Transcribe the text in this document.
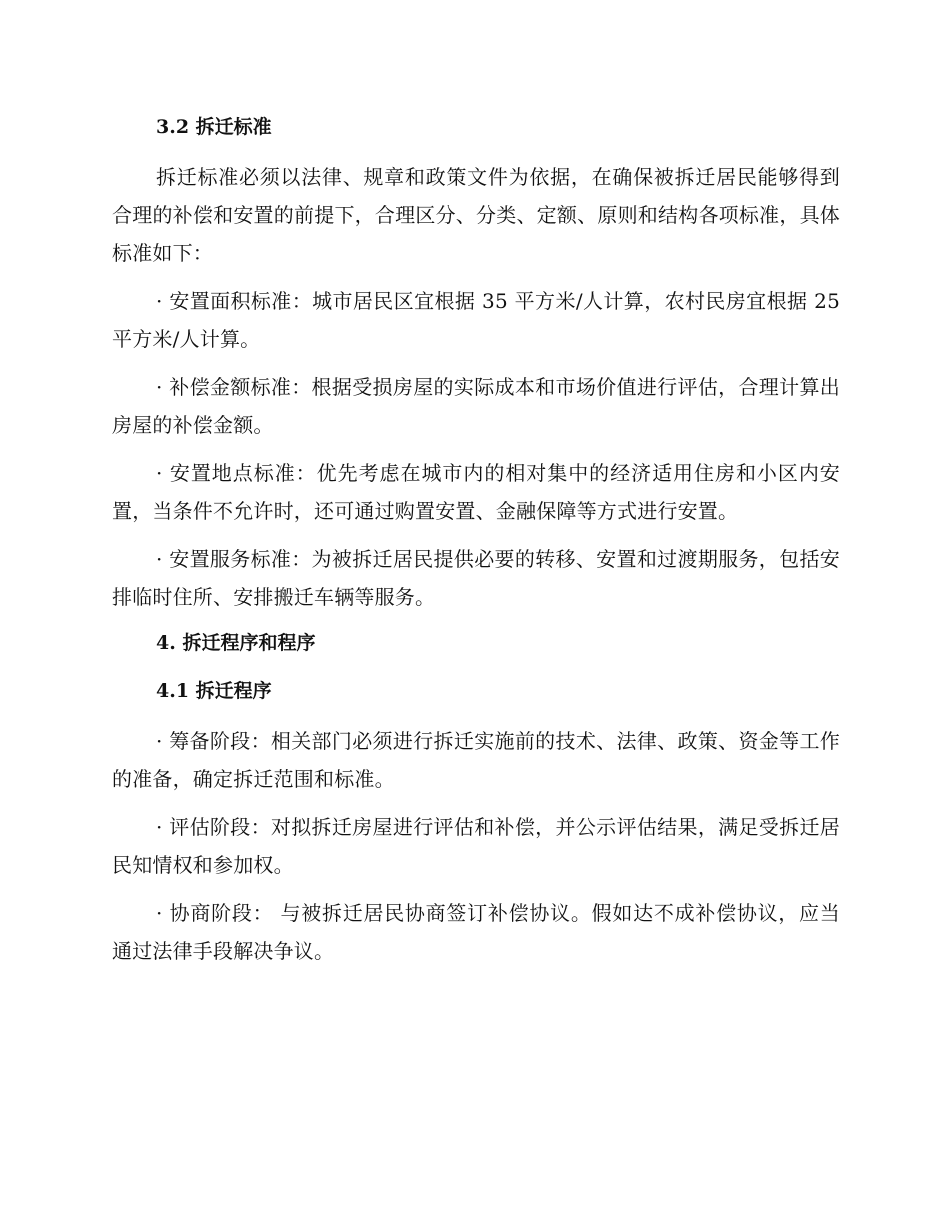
3.2 拆迁标准

拆迁标准必须以法律、规章和政策文件为依据，在确保被拆迁居民能够得到合理的补偿和安置的前提下，合理区分、分类、定额、原则和结构各项标准，具体标准如下：

· 安置面积标准：城市居民区宜根据 35 平方米/人计算，农村民房宜根据 25 平方米/人计算。

· 补偿金额标准：根据受损房屋的实际成本和市场价值进行评估，合理计算出房屋的补偿金额。

· 安置地点标准：优先考虑在城市内的相对集中的经济适用住房和小区内安置，当条件不允许时，还可通过购置安置、金融保障等方式进行安置。

· 安置服务标准：为被拆迁居民提供必要的转移、安置和过渡期服务，包括安排临时住所、安排搬迁车辆等服务。

4. 拆迁程序和程序
4.1 拆迁程序

· 筹备阶段：相关部门必须进行拆迁实施前的技术、法律、政策、资金等工作的准备，确定拆迁范围和标准。

· 评估阶段：对拟拆迁房屋进行评估和补偿，并公示评估结果，满足受拆迁居民知情权和参加权。

· 协商阶段： 与被拆迁居民协商签订补偿协议。假如达不成补偿协议，应当通过法律手段解决争议。
